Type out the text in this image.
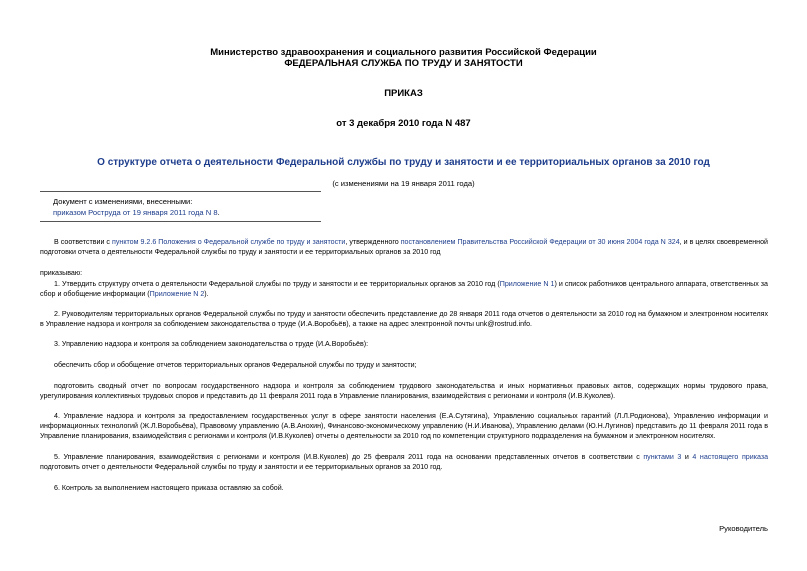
Министерство здравоохранения и социального развития Российской Федерации
ФЕДЕРАЛЬНАЯ СЛУЖБА ПО ТРУДУ И ЗАНЯТОСТИ
ПРИКАЗ
от 3 декабря 2010 года N 487
О структуре отчета о деятельности Федеральной службы по труду и занятости и ее территориальных органов за 2010 год
(с изменениями на 19 января 2011 года)
Документ с изменениями, внесенными:
приказом Роструда от 19 января 2011 года N 8.
В соответствии с пунктом 9.2.6 Положения о Федеральной службе по труду и занятости, утвержденного постановлением Правительства Российской Федерации от 30 июня 2004 года N 324, и в целях своевременной подготовки отчета о деятельности Федеральной службы по труду и занятости и ее территориальных органов за 2010 год
приказываю:
1. Утвердить структуру отчета о деятельности Федеральной службы по труду и занятости и ее территориальных органов за 2010 год (Приложение N 1) и список работников центрального аппарата, ответственных за сбор и обобщение информации (Приложение N 2).
2. Руководителям территориальных органов Федеральной службы по труду и занятости обеспечить представление до 28 января 2011 года отчетов о деятельности за 2010 год на бумажном и электронном носителях в Управление надзора и контроля за соблюдением законодательства о труде (И.А.Воробьёв), а также на адрес электронной почты unk@rostrud.info.
3. Управлению надзора и контроля за соблюдением законодательства о труде (И.А.Воробьёв):
обеспечить сбор и обобщение отчетов территориальных органов Федеральной службы по труду и занятости;
подготовить сводный отчет по вопросам государственного надзора и контроля за соблюдением трудового законодательства и иных нормативных правовых актов, содержащих нормы трудового права, урегулирования коллективных трудовых споров и представить до 11 февраля 2011 года в Управление планирования, взаимодействия с регионами и контроля (И.В.Куколев).
4. Управление надзора и контроля за предоставлением государственных услуг в сфере занятости населения (Е.А.Сутягина), Управлению социальных гарантий (Л.Л.Родионова), Управлению информации и информационных технологий (Ж.Л.Воробьёва), Правовому управлению (А.В.Анохин), Финансово-экономическому управлению (Н.И.Иванова), Управлению делами (Ю.Н.Лугинов) представить до 11 февраля 2011 года в Управление планирования, взаимодействия с регионами и контроля (И.В.Куколев) отчеты о деятельности за 2010 год по компетенции структурного подразделения на бумажном и электронном носителях.
5. Управление планирования, взаимодействия с регионами и контроля (И.В.Куколев) до 25 февраля 2011 года на основании представленных отчетов в соответствии с пунктами 3 и 4 настоящего приказа подготовить отчет о деятельности Федеральной службы по труду и занятости и ее территориальных органов за 2010 год.
6. Контроль за выполнением настоящего приказа оставляю за собой.
Руководитель
